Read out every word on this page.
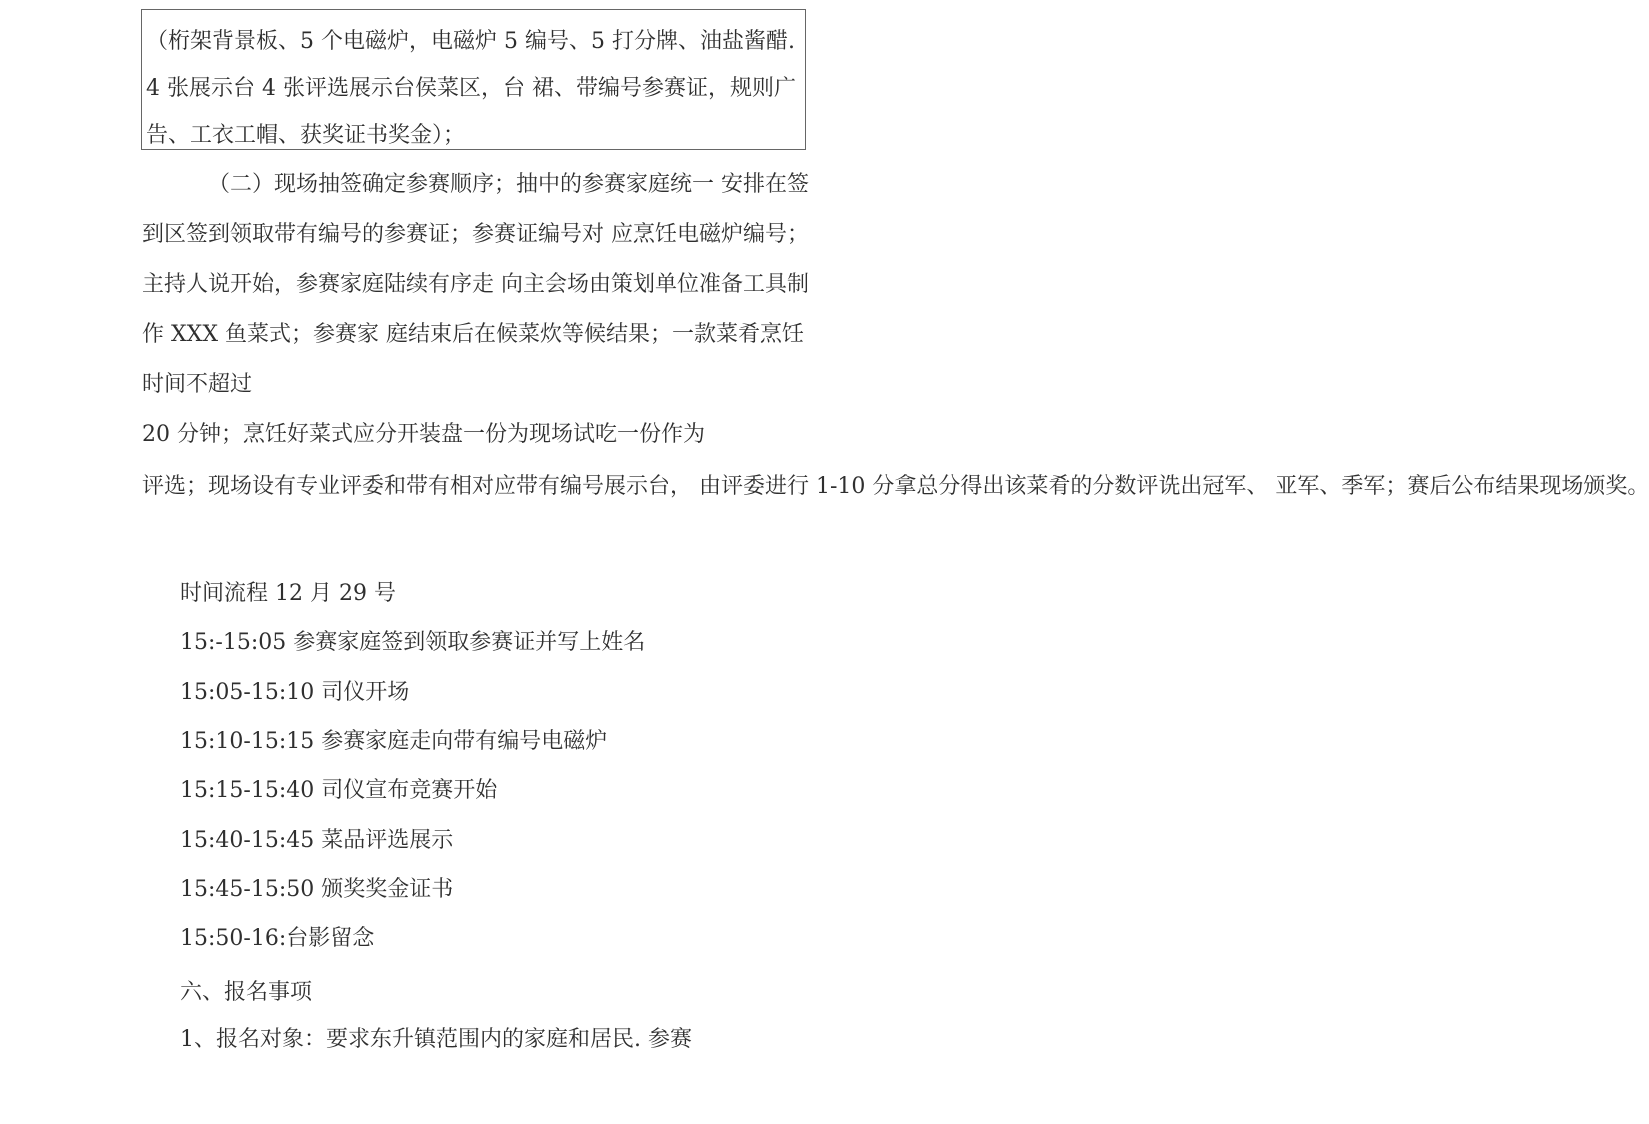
（桁架背景板、5 个电磁炉，电磁炉 5 编号、5 打分牌、油盐酱醋. 4 张展示台 4 张评选展示台侯菜区，台 裙、带编号参赛证，规则广告、工衣工帽、获奖证书奖金）；
（二）现场抽签确定参赛顺序；抽中的参赛家庭统一 安排在签到区签到领取带有编号的参赛证；参赛证编号对 应烹饪电磁炉编号；主持人说开始，参赛家庭陆续有序走 向主会场由策划单位准备工具制作 XXX 鱼菜式；参赛家 庭结束后在候菜炊等候结果；一款菜肴烹饪时间不超过
20 分钟；烹饪好菜式应分开装盘一份为现场试吃一份作为
评选；现场设有专业评委和带有相对应带有编号展示台， 由评委进行 1-10 分拿总分得出该菜肴的分数评诜出冠军、 亚军、季军；赛后公布结果现场颁奖。
时间流程 12 月 29 号
15:-15:05 参赛家庭签到领取参赛证并写上姓名
15:05-15:10 司仪开场
15:10-15:15 参赛家庭走向带有编号电磁炉
15:15-15:40 司仪宣布竞赛开始
15:40-15:45 菜品评选展示
15:45-15:50 颁奖奖金证书
15:50-16:台影留念
六、报名事项
1、报名对象：要求东升镇范围内的家庭和居民. 参赛
